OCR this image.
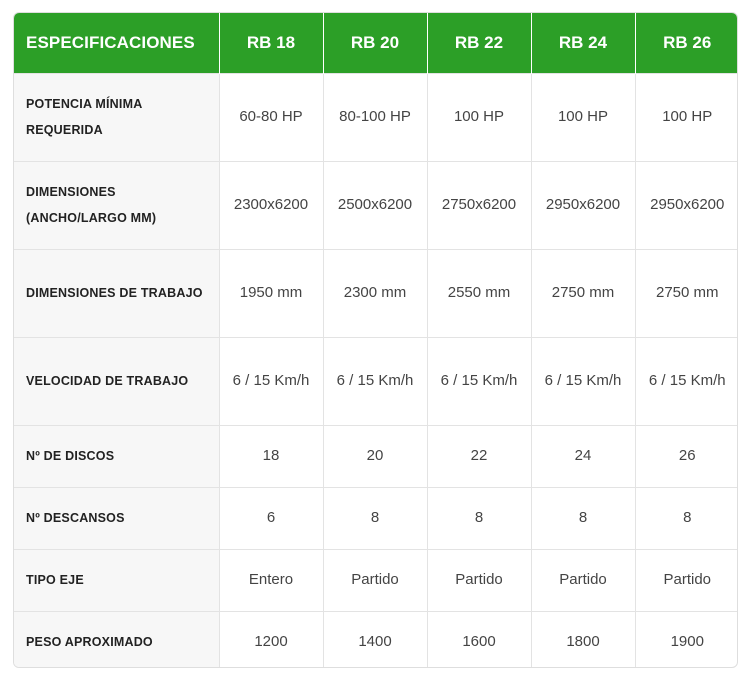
ESPECIFICACIONES	RB 18	RB 20	RB 22	RB 24	RB 26
POTENCIA MÍNIMA REQUERIDA	60-80 HP	80-100 HP	100 HP	100 HP	100 HP
DIMENSIONES (ANCHO/LARGO MM)	2300x6200	2500x6200	2750x6200	2950x6200	2950x6200
DIMENSIONES DE TRABAJO	1950 mm	2300 mm	2550 mm	2750 mm	2750 mm
VELOCIDAD DE TRABAJO	6 / 15 Km/h	6 / 15 Km/h	6 / 15 Km/h	6 / 15 Km/h	6 / 15 Km/h
Nº DE DISCOS	18	20	22	24	26
Nº DESCANSOS	6	8	8	8	8
TIPO EJE	Entero	Partido	Partido	Partido	Partido
PESO APROXIMADO	1200	1400	1600	1800	1900
